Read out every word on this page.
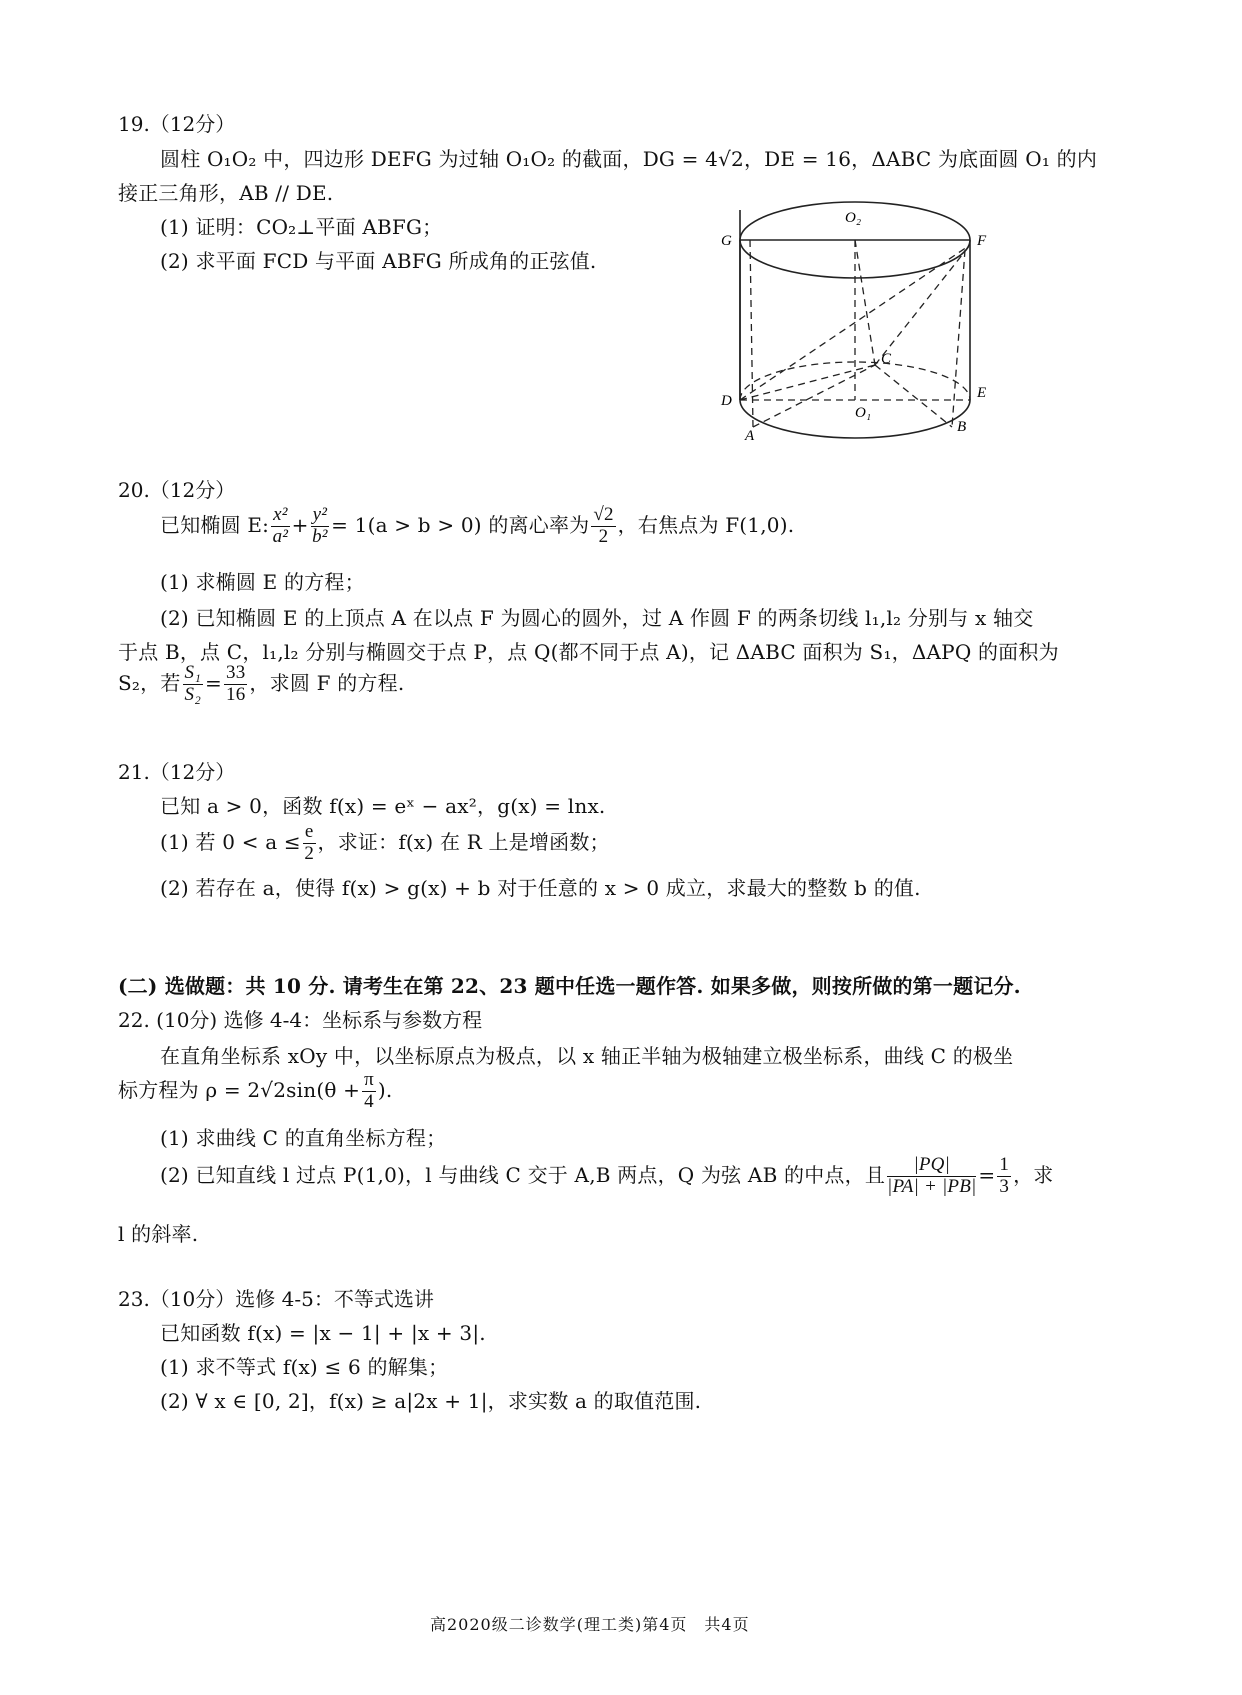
19.（12分）
圆柱 O₁O₂ 中，四边形 DEFG 为过轴 O₁O₂ 的截面，DG = 4√2，DE = 16，ΔABC 为底面圆 O₁ 的内
接正三角形，AB // DE.
(1) 证明：CO₂⊥平面 ABFG；
(2) 求平面 FCD 与平面 ABFG 所成角的正弦值.
G	F
O₂
C
D	E
O₁
A
B
20.（12分）
已知椭圆 E: $\frac{\text{x²}}{\text{a²}} + \frac{\text{y²}}{\text{b²}} = 1(a > b > 0)$ 的离心率为 $\frac{√2}{2}$ ，右焦点为 F(1,0).
(1) 求椭圆 E 的方程；
(2) 已知椭圆 E 的上顶点 A 在以点 F 为圆心的圆外，过 A 作圆 F 的两条切线 l₁,l₂ 分别与 x 轴交
于点 B，点 C，l₁,l₂ 分别与椭圆交于点 P，点 Q(都不同于点 A)，记 ΔABC 面积为 S₁，ΔAPQ 的面积为
S₂，若 $\frac{\text{S₁}}{\text{S₂}} = \frac{33}{16}$ ，求圆 F 的方程.
21.（12分）
已知 a > 0，函数 f(x) = eˣ − ax²，g(x) = lnx.
(1) 若 $0 < a \le \frac{e}{2}$ ，求证：f(x) 在 R 上是增函数；
(2) 若存在 a，使得 f(x) > g(x) + b 对于任意的 x > 0 成立，求最大的整数 b 的值.
(二) 选做题：共 10 分. 请考生在第 22、23 题中任选一题作答. 如果多做，则按所做的第一题记分.
22. (10分) 选修 4-4：坐标系与参数方程
在直角坐标系 xOy 中，以坐标原点为极点，以 x 轴正半轴为极轴建立极坐标系，曲线 C 的极坐
标方程为 $\rho = 2√2\sin(\theta + \frac{\pi}{4}$ ).
(1) 求曲线 C 的直角坐标方程；
(2) 已知直线 l 过点 P(1,0)，l 与曲线 C 交于 A,B 两点，Q 为弦 AB 的中点，且 $\frac{|PQ|}{|PA| + |PB|} = \frac{1}{3}$ ，求
l 的斜率.
23.（10分）选修 4-5：不等式选讲
已知函数 f(x) = |x − 1| + |x + 3|.
(1) 求不等式 f(x) ≤ 6 的解集；
(2) ∀ x ∈ [0, 2]，f(x) ≥ a|2x + 1|，求实数 a 的取值范围.
高2020级二诊数学(理工类)第4页　共4页
